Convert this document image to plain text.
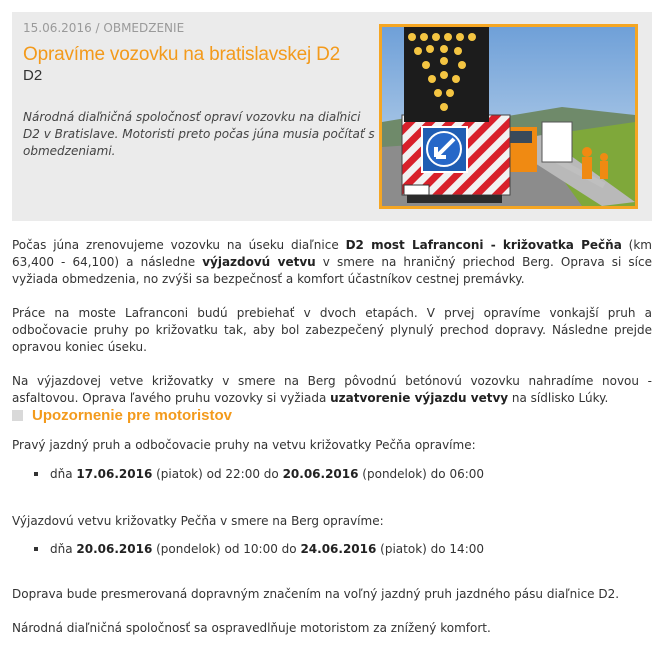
15.06.2016 / OBMEDZENIE
Opravíme vozovku na bratislavskej D2
D2
Národná diaľničná spoločnosť opraví vozovku na diaľnici D2 v Bratislave. Motoristi preto počas júna musia počítať s obmedzeniami.

Počas júna zrenovujeme vozovku na úseku diaľnice D2 most Lafranconi - križovatka Pečňa (km 63,400 - 64,100) a následne výjazdovú vetvu v smere na hraničný priechod Berg. Oprava si síce vyžiada obmedzenia, no zvýši sa bezpečnosť a komfort účastníkov cestnej premávky.

Práce na moste Lafranconi budú prebiehať v dvoch etapách. V prvej opravíme vonkajší pruh a odbočovacie pruhy po križovatku tak, aby bol zabezpečený plynulý prechod dopravy. Následne prejde opravou koniec úseku.

Na výjazdovej vetve križovatky v smere na Berg pôvodnú betónovú vozovku nahradíme novou - asfaltovou. Oprava ľavého pruhu vozovky si vyžiada uzatvorenie výjazdu vetvy na sídlisko Lúky.

Upozornenie pre motoristov
Pravý jazdný pruh a odbočovacie pruhy na vetvu križovatky Pečňa opravíme:
dňa 17.06.2016 (piatok) od 22:00 do 20.06.2016 (pondelok) do 06:00
Výjazdovú vetvu križovatky Pečňa v smere na Berg opravíme:
dňa 20.06.2016 (pondelok) od 10:00 do 24.06.2016 (piatok) do 14:00
Doprava bude presmerovaná dopravným značením na voľný jazdný pruh jazdného pásu diaľnice D2.
Národná diaľničná spoločnosť sa ospravedlňuje motoristom za znížený komfort.
